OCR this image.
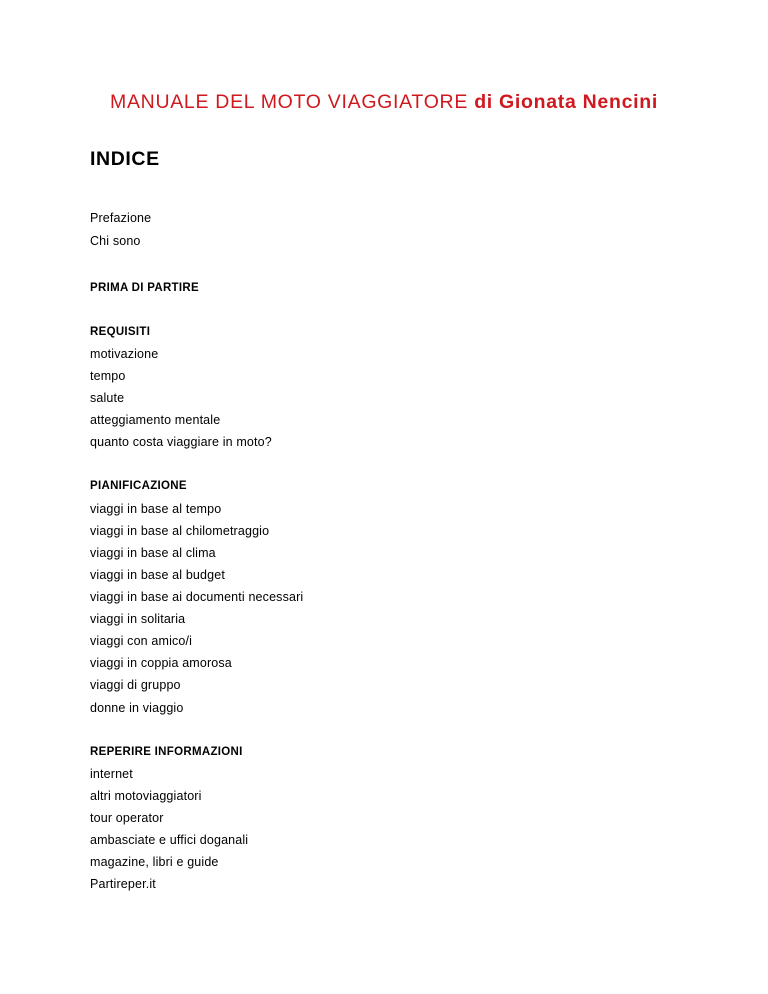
MANUALE DEL MOTO VIAGGIATORE di Gionata Nencini
INDICE
Prefazione
Chi sono
PRIMA DI PARTIRE
REQUISITI
motivazione
tempo
salute
atteggiamento mentale
quanto costa viaggiare in moto?
PIANIFICAZIONE
viaggi in base al tempo
viaggi in base al chilometraggio
viaggi in base al clima
viaggi in base al budget
viaggi in base ai documenti necessari
viaggi in solitaria
viaggi con amico/i
viaggi in coppia amorosa
viaggi di gruppo
donne in viaggio
REPERIRE INFORMAZIONI
internet
altri motoviaggiatori
tour operator
ambasciate e uffici doganali
magazine, libri e guide
Partireper.it
